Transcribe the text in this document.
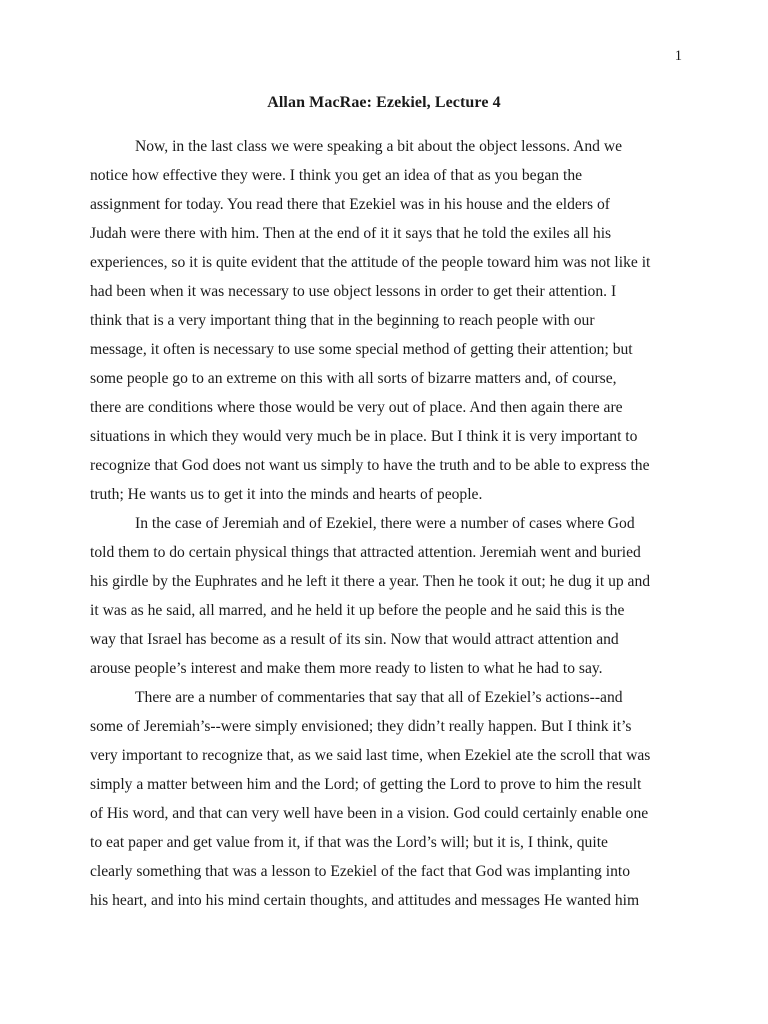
1
Allan MacRae: Ezekiel, Lecture 4
Now, in the last class we were speaking a bit about the object lessons. And we
notice how effective they were. I think you get an idea of that as you began the
assignment for today. You read there that Ezekiel was in his house and the elders of
Judah were there with him. Then at the end of it it says that he told the exiles all his
experiences, so it is quite evident that the attitude of the people toward him was not like it
had been when it was necessary to use object lessons in order to get their attention. I
think that is a very important thing that in the beginning to reach people with our
message, it often is necessary to use some special method of getting their attention; but
some people go to an extreme on this with all sorts of bizarre matters and, of course,
there are conditions where those would be very out of place. And then again there are
situations in which they would very much be in place. But I think it is very important to
recognize that God does not want us simply to have the truth and to be able to express the
truth; He wants us to get it into the minds and hearts of people.
In the case of Jeremiah and of Ezekiel, there were a number of cases where God
told them to do certain physical things that attracted attention. Jeremiah went and buried
his girdle by the Euphrates and he left it there a year. Then he took it out; he dug it up and
it was as he said, all marred, and he held it up before the people and he said this is the
way that Israel has become as a result of its sin. Now that would attract attention and
arouse people’s interest and make them more ready to listen to what he had to say.
There are a number of commentaries that say that all of Ezekiel’s actions--and
some of Jeremiah’s--were simply envisioned; they didn’t really happen. But I think it’s
very important to recognize that, as we said last time, when Ezekiel ate the scroll that was
simply a matter between him and the Lord; of getting the Lord to prove to him the result
of His word, and that can very well have been in a vision. God could certainly enable one
to eat paper and get value from it, if that was the Lord’s will; but it is, I think, quite
clearly something that was a lesson to Ezekiel of the fact that God was implanting into
his heart, and into his mind certain thoughts, and attitudes and messages He wanted him
